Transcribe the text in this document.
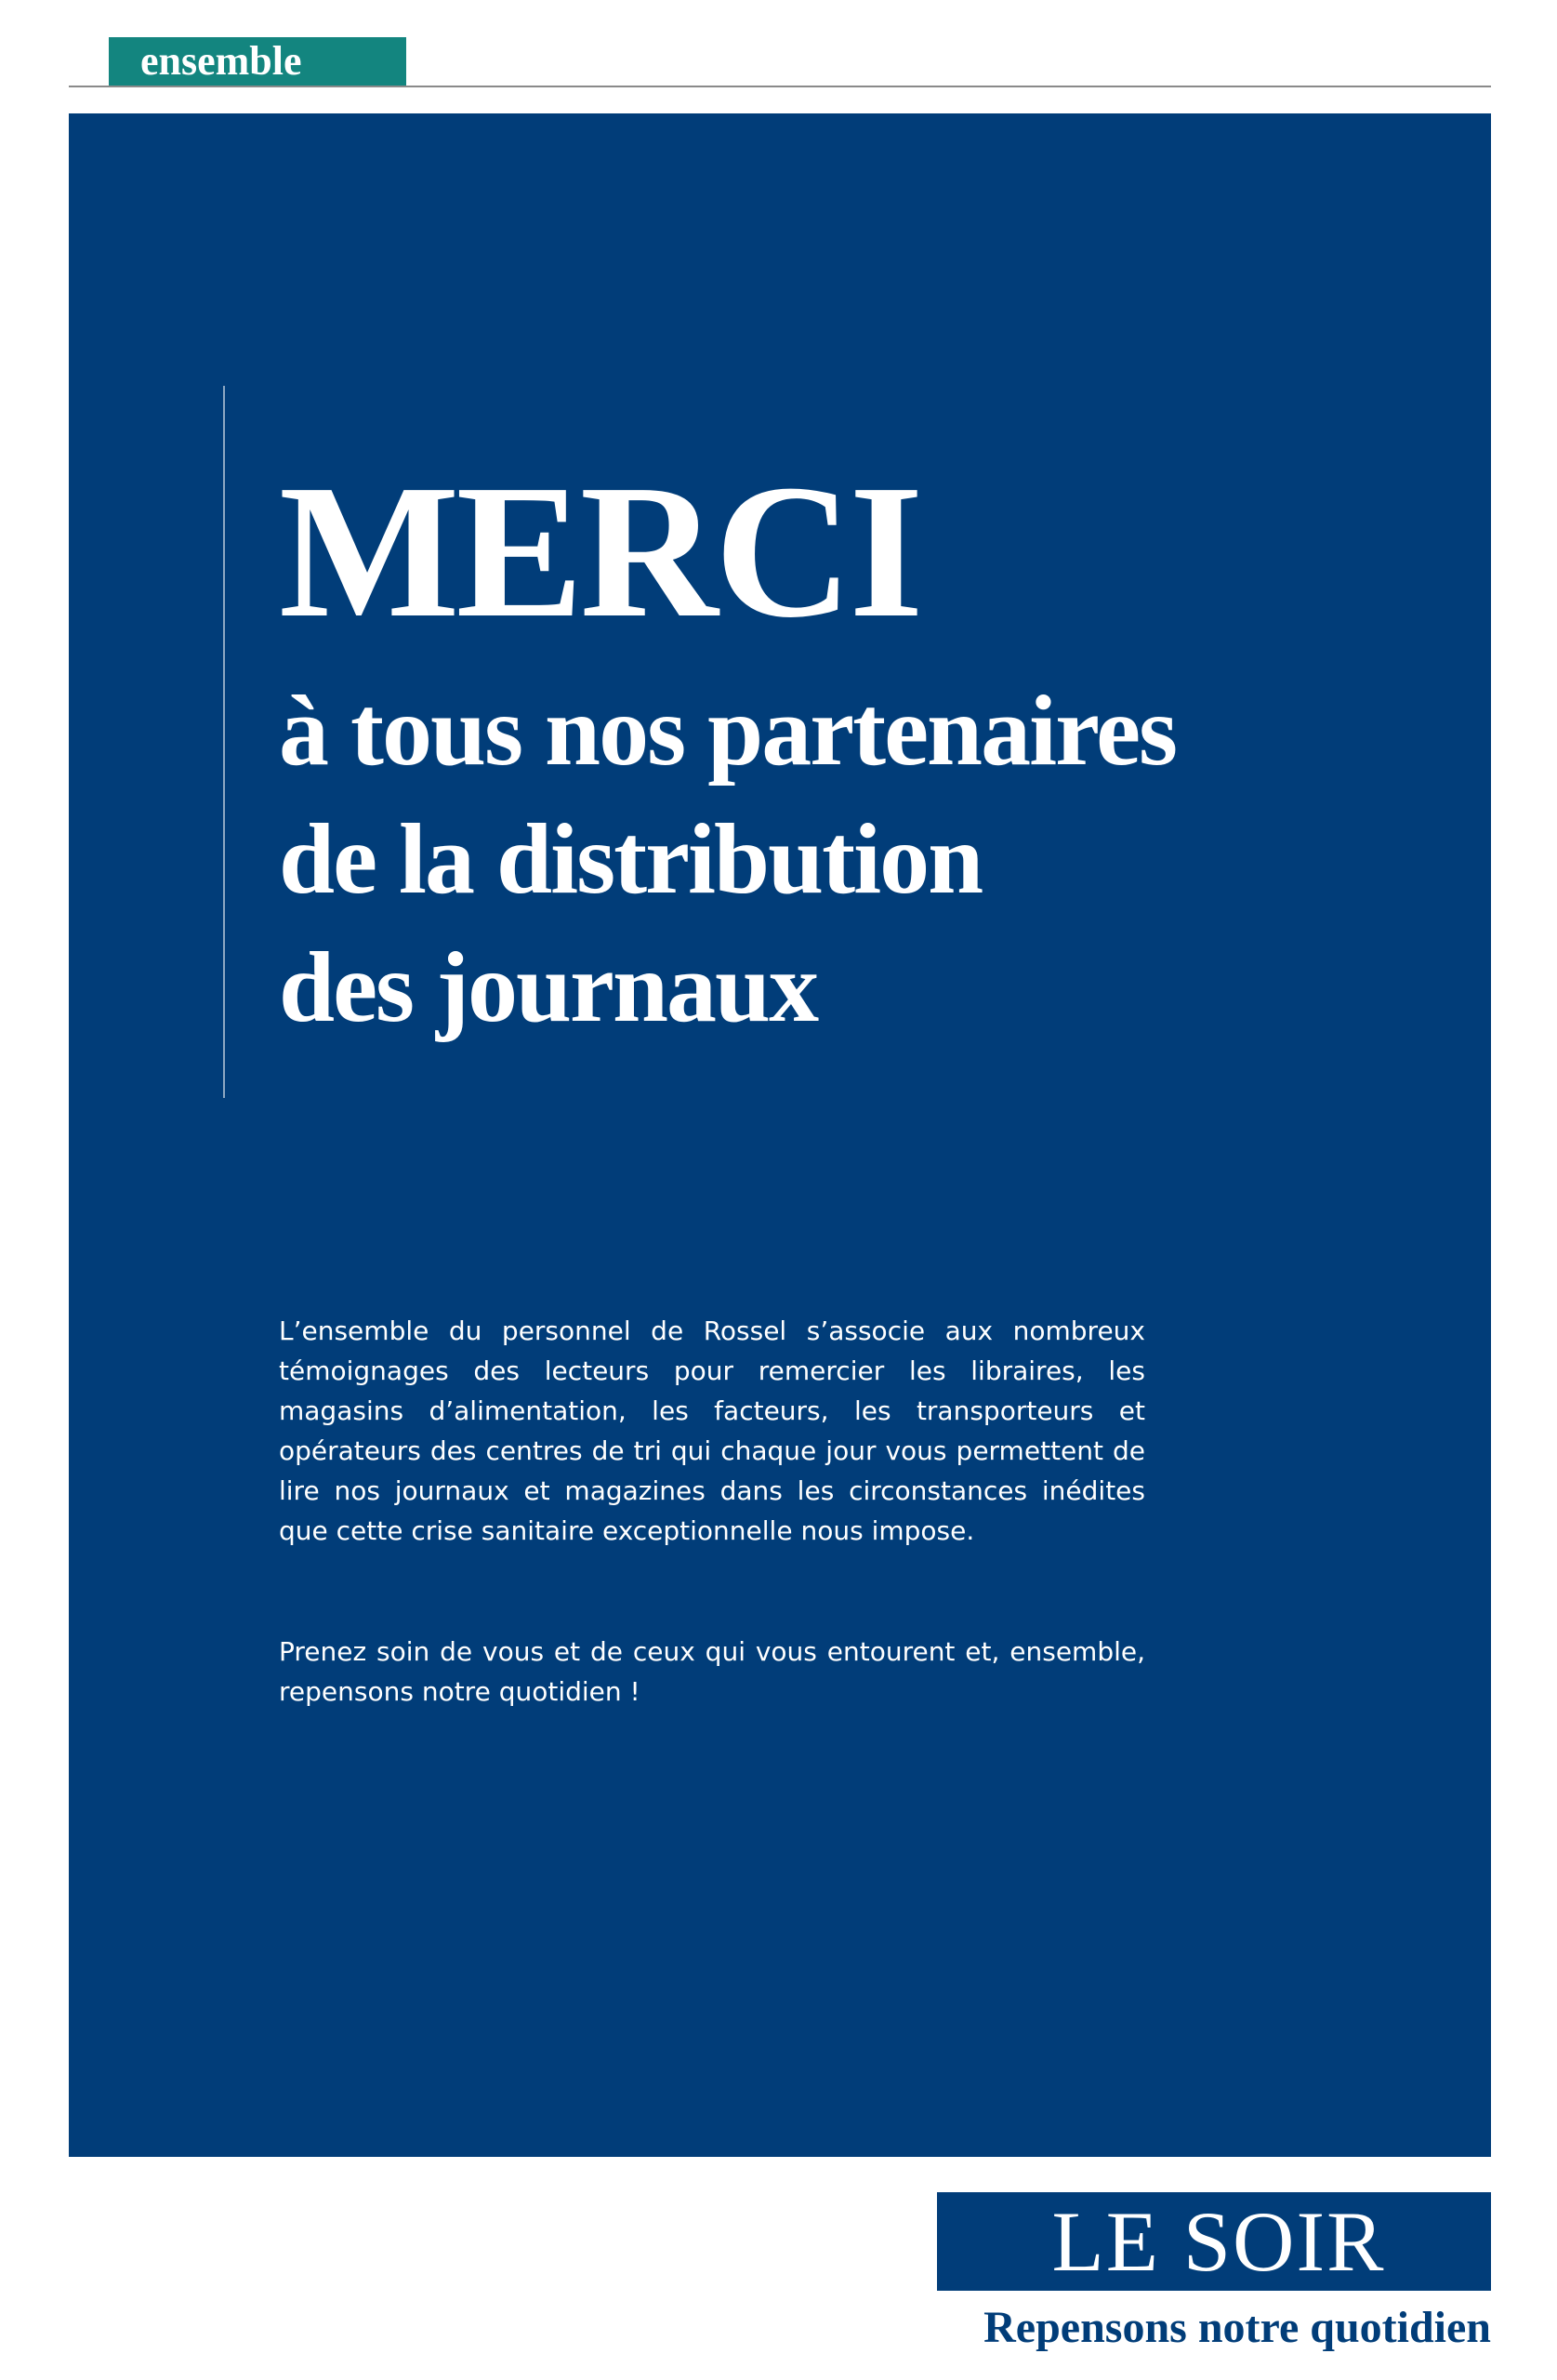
ensemble
MERCI
à tous nos partenaires
de la distribution
des journaux

L’ensemble du personnel de Rossel s’associe aux nombreux témoignages des lecteurs pour remercier les libraires, les magasins d’alimentation, les facteurs, les transporteurs et opérateurs des centres de tri qui chaque jour vous permettent de lire nos journaux et magazines dans les circonstances inédites que cette crise sanitaire exceptionnelle nous impose.

Prenez soin de vous et de ceux qui vous entourent et, ensemble, repensons notre quotidien !

LE SOIR
Repensons notre quotidien
